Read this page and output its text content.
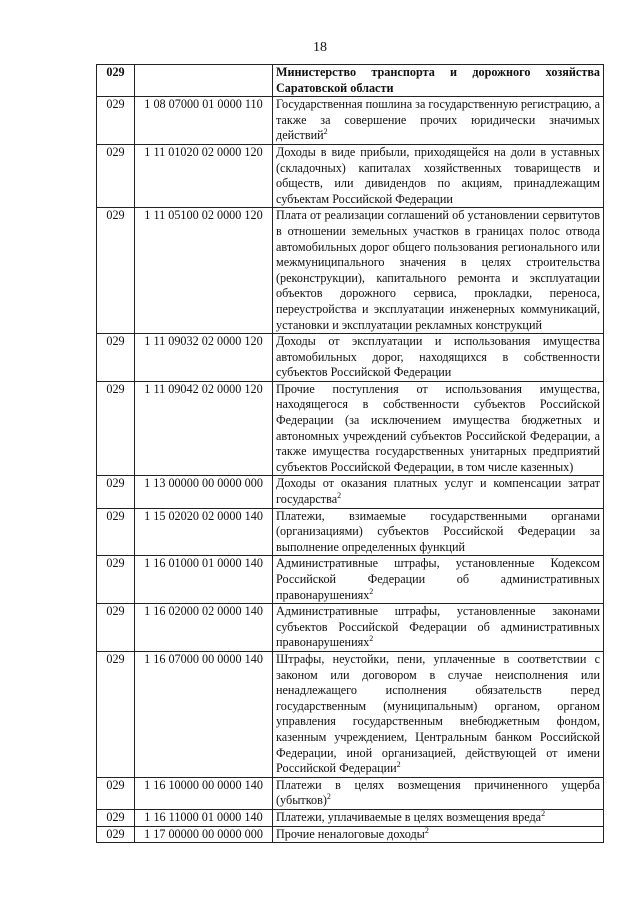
18
029		Министерство транспорта и дорожного хозяйства Саратовской области
029	1 08 07000 01 0000 110	Государственная пошлина за государственную регистрацию, а также за совершение прочих юридически значимых действий$^2$
029	1 11 01020 02 0000 120	Доходы в виде прибыли, приходящейся на доли в уставных (складочных) капиталах хозяйственных товариществ и обществ, или дивидендов по акциям, принадлежащим субъектам Российской Федерации
029	1 11 05100 02 0000 120	Плата от реализации соглашений об установлении сервитутов в отношении земельных участков в границах полос отвода автомобильных дорог общего пользования регионального или межмуниципального значения в целях строительства (реконструкции), капитального ремонта и эксплуатации объектов дорожного сервиса, прокладки, переноса, переустройства и эксплуатации инженерных коммуникаций, установки и эксплуатации рекламных конструкций
029	1 11 09032 02 0000 120	Доходы от эксплуатации и использования имущества автомобильных дорог, находящихся в собственности субъектов Российской Федерации
029	1 11 09042 02 0000 120	Прочие поступления от использования имущества, находящегося в собственности субъектов Российской Федерации (за исключением имущества бюджетных и автономных учреждений субъектов Российской Федерации, а также имущества государственных унитарных предприятий субъектов Российской Федерации, в том числе казенных)
029	1 13 00000 00 0000 000	Доходы от оказания платных услуг и компенсации затрат государства$^2$
029	1 15 02020 02 0000 140	Платежи, взимаемые государственными органами (организациями) субъектов Российской Федерации за выполнение определенных функций
029	1 16 01000 01 0000 140	Административные штрафы, установленные Кодексом Российской Федерации об административных правонарушениях$^2$
029	1 16 02000 02 0000 140	Административные штрафы, установленные законами субъектов Российской Федерации об административных правонарушениях$^2$
029	1 16 07000 00 0000 140	Штрафы, неустойки, пени, уплаченные в соответствии с законом или договором в случае неисполнения или ненадлежащего исполнения обязательств перед государственным (муниципальным) органом, органом управления государственным внебюджетным фондом, казенным учреждением, Центральным банком Российской Федерации, иной организацией, действующей от имени Российской Федерации$^2$
029	1 16 10000 00 0000 140	Платежи в целях возмещения причиненного ущерба (убытков)$^2$
029	1 16 11000 01 0000 140	Платежи, уплачиваемые в целях возмещения вреда$^2$
029	1 17 00000 00 0000 000	Прочие неналоговые доходы$^2$
